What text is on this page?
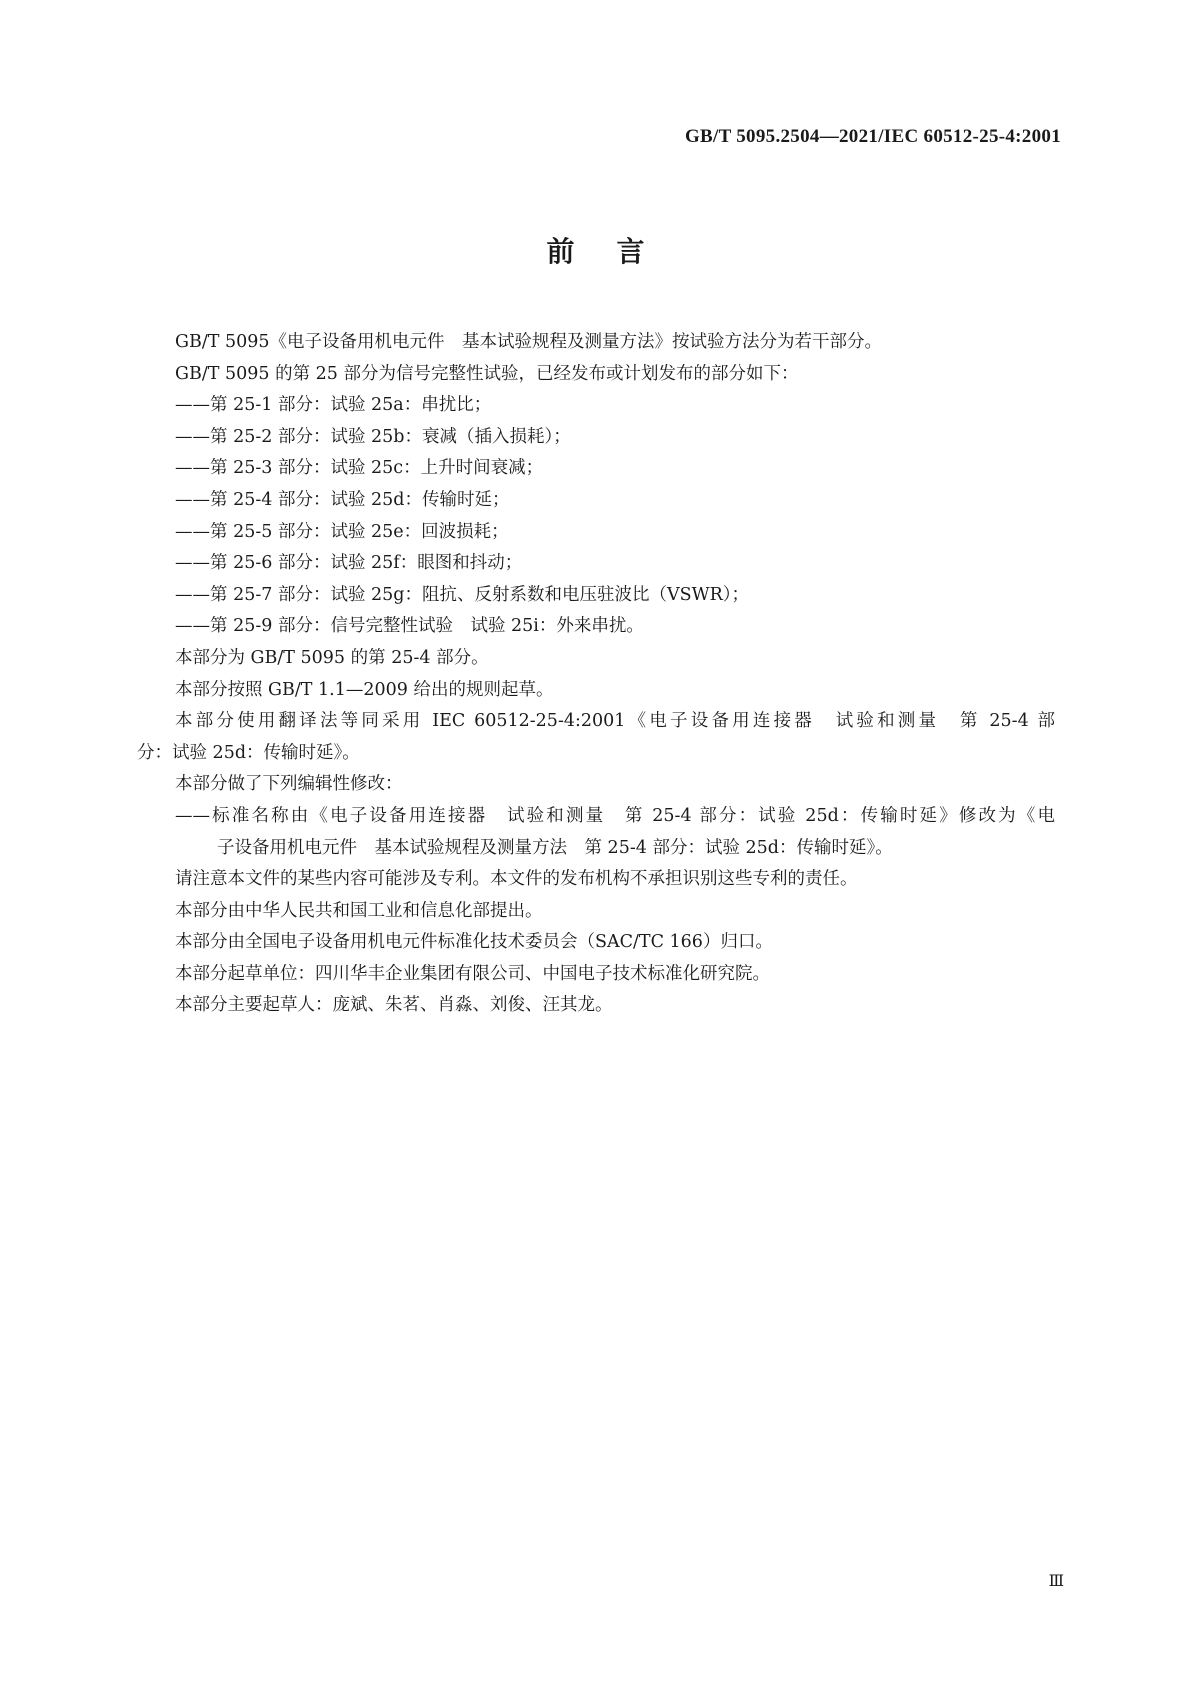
GB/T 5095.2504—2021/IEC 60512-25-4:2001
前言
GB/T 5095《电子设备用机电元件　基本试验规程及测量方法》按试验方法分为若干部分。
GB/T 5095 的第 25 部分为信号完整性试验，已经发布或计划发布的部分如下：
——第 25-1 部分：试验 25a：串扰比；
——第 25-2 部分：试验 25b：衰减（插入损耗）；
——第 25-3 部分：试验 25c：上升时间衰减；
——第 25-4 部分：试验 25d：传输时延；
——第 25-5 部分：试验 25e：回波损耗；
——第 25-6 部分：试验 25f：眼图和抖动；
——第 25-7 部分：试验 25g：阻抗、反射系数和电压驻波比（VSWR）；
——第 25-9 部分：信号完整性试验　试验 25i：外来串扰。
本部分为 GB/T 5095 的第 25-4 部分。
本部分按照 GB/T 1.1—2009 给出的规则起草。
本部分使用翻译法等同采用 IEC 60512-25-4:2001《电子设备用连接器　试验和测量　第 25-4 部
分：试验 25d：传输时延》。
本部分做了下列编辑性修改：
——标准名称由《电子设备用连接器　试验和测量　第 25-4 部分：试验 25d：传输时延》修改为《电
子设备用机电元件　基本试验规程及测量方法　第 25-4 部分：试验 25d：传输时延》。
请注意本文件的某些内容可能涉及专利。本文件的发布机构不承担识别这些专利的责任。
本部分由中华人民共和国工业和信息化部提出。
本部分由全国电子设备用机电元件标准化技术委员会（SAC/TC 166）归口。
本部分起草单位：四川华丰企业集团有限公司、中国电子技术标准化研究院。
本部分主要起草人：庞斌、朱茗、肖淼、刘俊、汪其龙。
Ⅲ
